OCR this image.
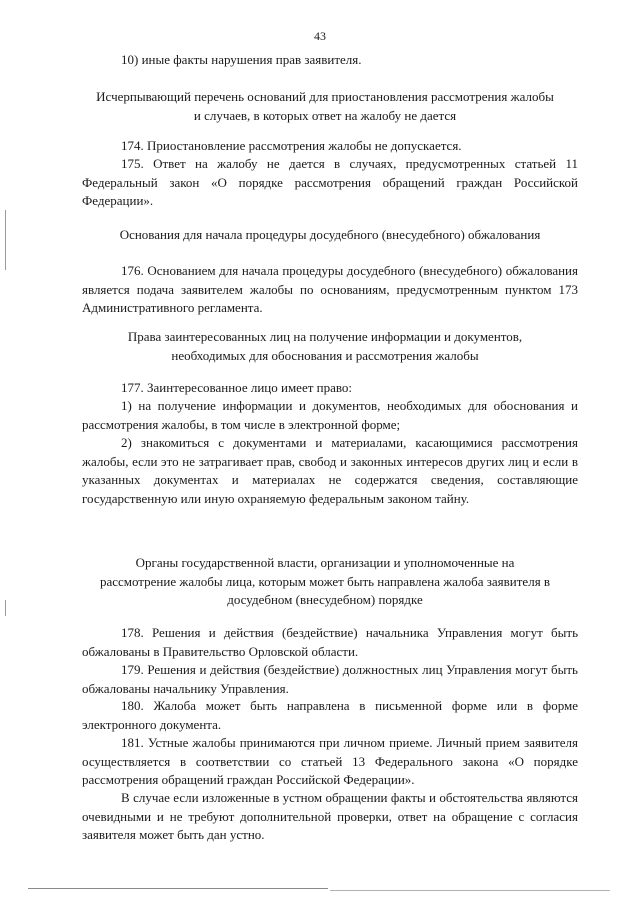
43

10) иные факты нарушения прав заявителя.

Исчерпывающий перечень оснований для приостановления рассмотрения жалобы и случаев, в которых ответ на жалобу не дается

174. Приостановление рассмотрения жалобы не допускается.

175. Ответ на жалобу не дается в случаях, предусмотренных статьей 11 Федеральный закон «О порядке рассмотрения обращений граждан Российской Федерации».

Основания для начала процедуры досудебного (внесудебного) обжалования

176. Основанием для начала процедуры досудебного (внесудебного) обжалования является подача заявителем жалобы по основаниям, предусмотренным пунктом 173 Административного регламента.

Права заинтересованных лиц на получение информации и документов, необходимых для обоснования и рассмотрения жалобы

177. Заинтересованное лицо имеет право:

1) на получение информации и документов, необходимых для обоснования и рассмотрения жалобы, в том числе в электронной форме;

2) знакомиться с документами и материалами, касающимися рассмотрения жалобы, если это не затрагивает прав, свобод и законных интересов других лиц и если в указанных документах и материалах не содержатся сведения, составляющие государственную или иную охраняемую федеральным законом тайну.

Органы государственной власти, организации и уполномоченные на рассмотрение жалобы лица, которым может быть направлена жалоба заявителя в досудебном (внесудебном) порядке

178. Решения и действия (бездействие) начальника Управления могут быть обжалованы в Правительство Орловской области.

179. Решения и действия (бездействие) должностных лиц Управления могут быть обжалованы начальнику Управления.

180. Жалоба может быть направлена в письменной форме или в форме электронного документа.

181. Устные жалобы принимаются при личном приеме. Личный прием заявителя осуществляется в соответствии со статьей 13 Федерального закона «О порядке рассмотрения обращений граждан Российской Федерации».

В случае если изложенные в устном обращении факты и обстоятельства являются очевидными и не требуют дополнительной проверки, ответ на обращение с согласия заявителя может быть дан устно.
